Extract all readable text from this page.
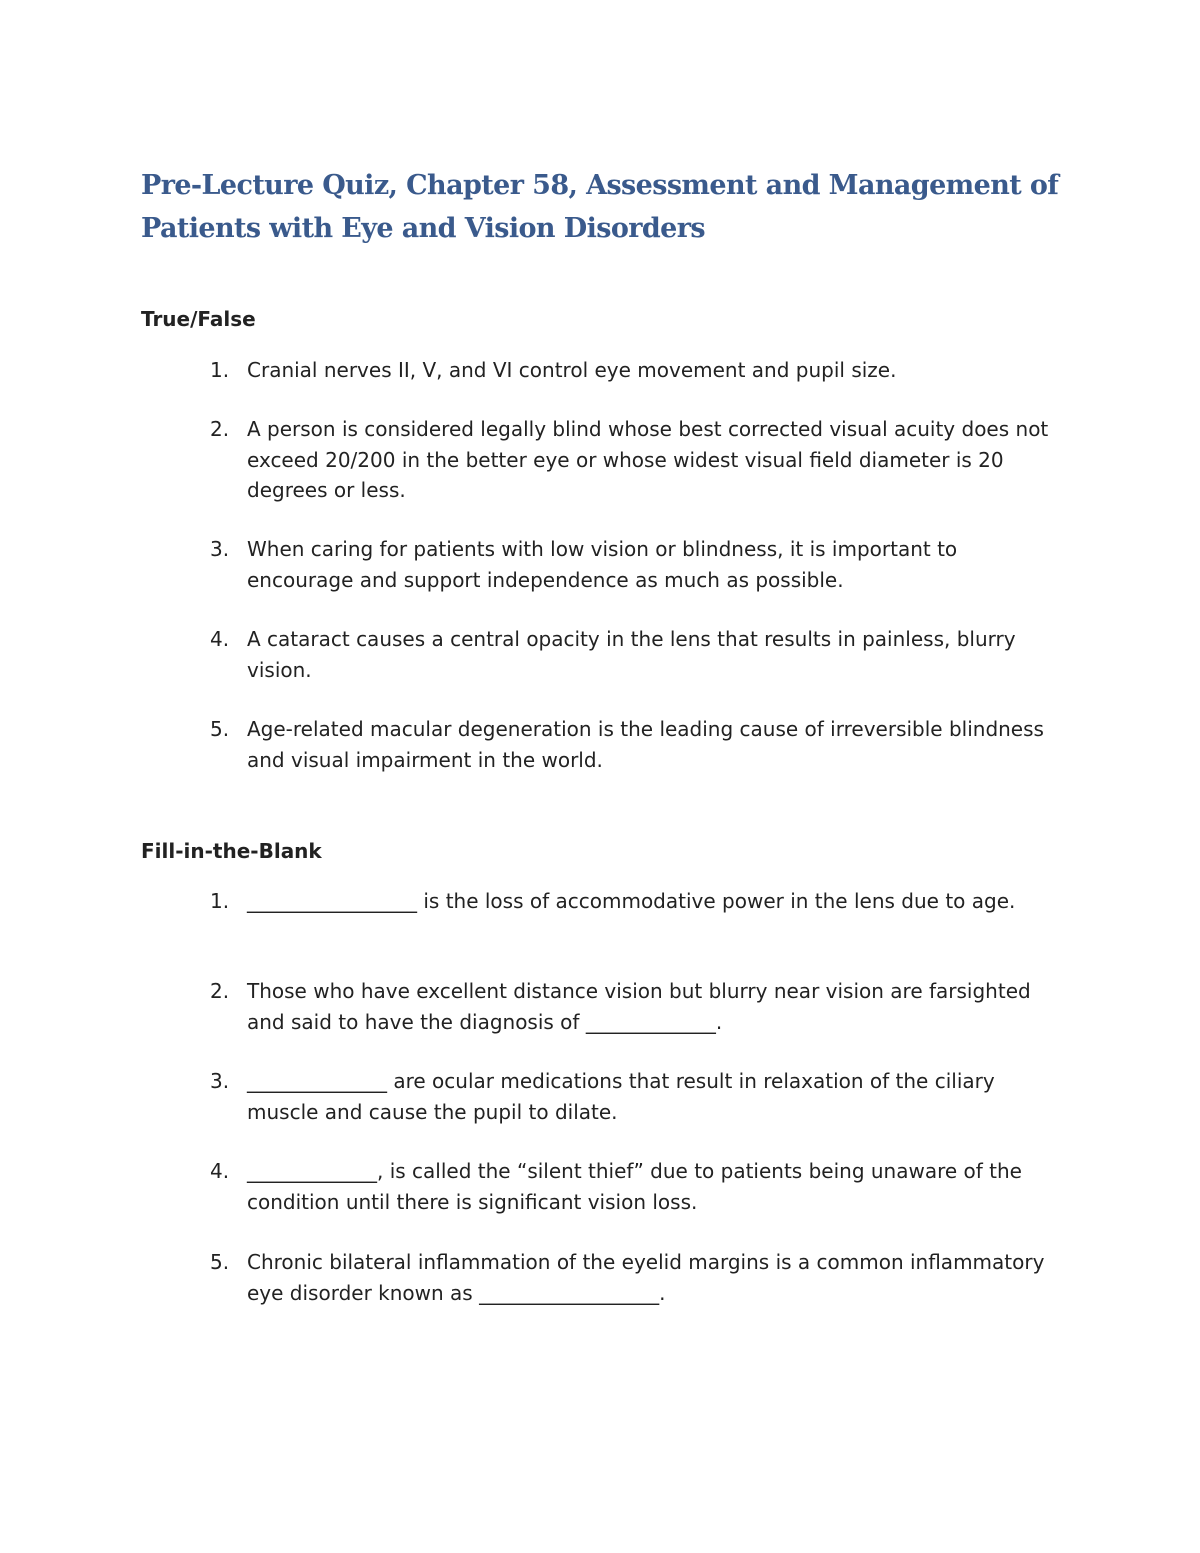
Pre-Lecture Quiz, Chapter 58, Assessment and Management of Patients with Eye and Vision Disorders
True/False
1. Cranial nerves II, V, and VI control eye movement and pupil size.
2. A person is considered legally blind whose best corrected visual acuity does not exceed 20/200 in the better eye or whose widest visual field diameter is 20 degrees or less.
3. When caring for patients with low vision or blindness, it is important to encourage and support independence as much as possible.
4. A cataract causes a central opacity in the lens that results in painless, blurry vision.
5. Age-related macular degeneration is the leading cause of irreversible blindness and visual impairment in the world.
Fill-in-the-Blank
1. _________________ is the loss of accommodative power in the lens due to age.
2. Those who have excellent distance vision but blurry near vision are farsighted and said to have the diagnosis of _____________.
3. ______________ are ocular medications that result in relaxation of the ciliary muscle and cause the pupil to dilate.
4. _____________, is called the “silent thief” due to patients being unaware of the condition until there is significant vision loss.
5. Chronic bilateral inflammation of the eyelid margins is a common inflammatory eye disorder known as __________________.
